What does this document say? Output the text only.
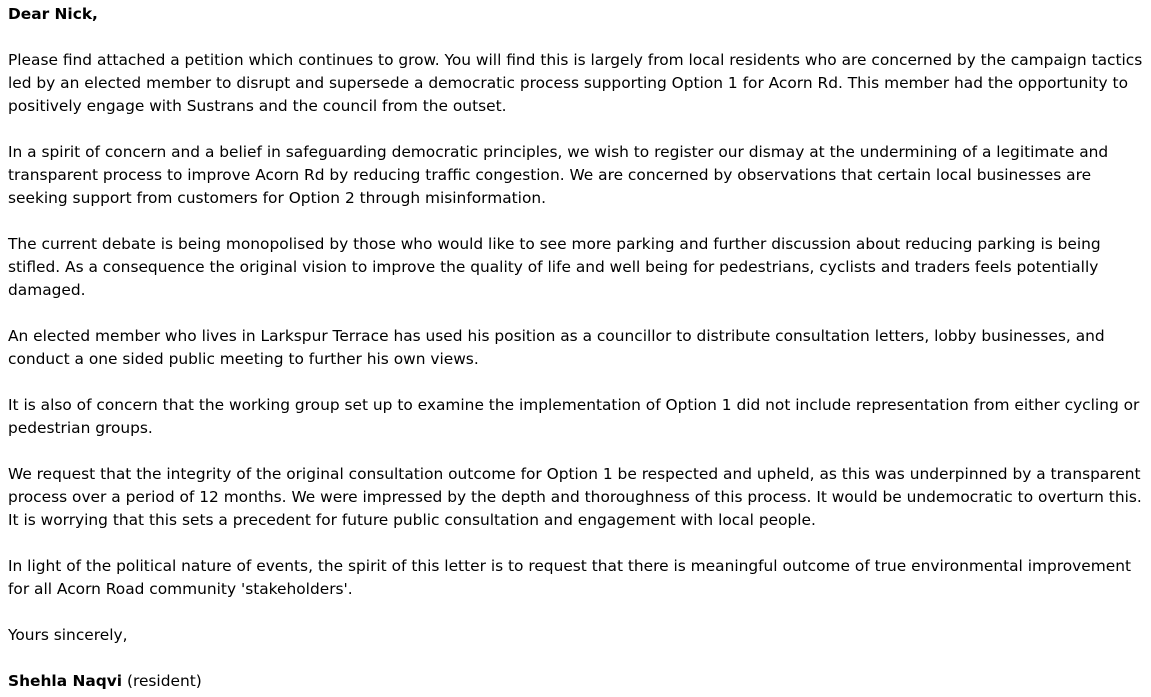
Dear Nick,

Please find attached a petition which continues to grow. You will find this is largely from local residents who are concerned by the campaign tactics led by an elected member to disrupt and supersede a democratic process supporting Option 1 for Acorn Rd. This member had the opportunity to positively engage with Sustrans and the council from the outset.

In a spirit of concern and a belief in safeguarding democratic principles, we wish to register our dismay at the undermining of a legitimate and transparent process to improve Acorn Rd by reducing traffic congestion. We are concerned by observations that certain local businesses are seeking support from customers for Option 2 through misinformation.

The current debate is being monopolised by those who would like to see more parking and further discussion about reducing parking is being stifled. As a consequence the original vision to improve the quality of life and well being for pedestrians, cyclists and traders feels potentially damaged.

An elected member who lives in Larkspur Terrace has used his position as a councillor to distribute consultation letters, lobby businesses, and conduct a one sided public meeting to further his own views.

It is also of concern that the working group set up to examine the implementation of Option 1 did not include representation from either cycling or pedestrian groups.

We request that the integrity of the original consultation outcome for Option 1 be respected and upheld, as this was underpinned by a transparent process over a period of 12 months. We were impressed by the depth and thoroughness of this process. It would be undemocratic to overturn this. It is worrying that this sets a precedent for future public consultation and engagement with local people.

In light of the political nature of events, the spirit of this letter is to request that there is meaningful outcome of true environmental improvement for all Acorn Road community 'stakeholders'.

Yours sincerely,

Shehla Naqvi (resident)
